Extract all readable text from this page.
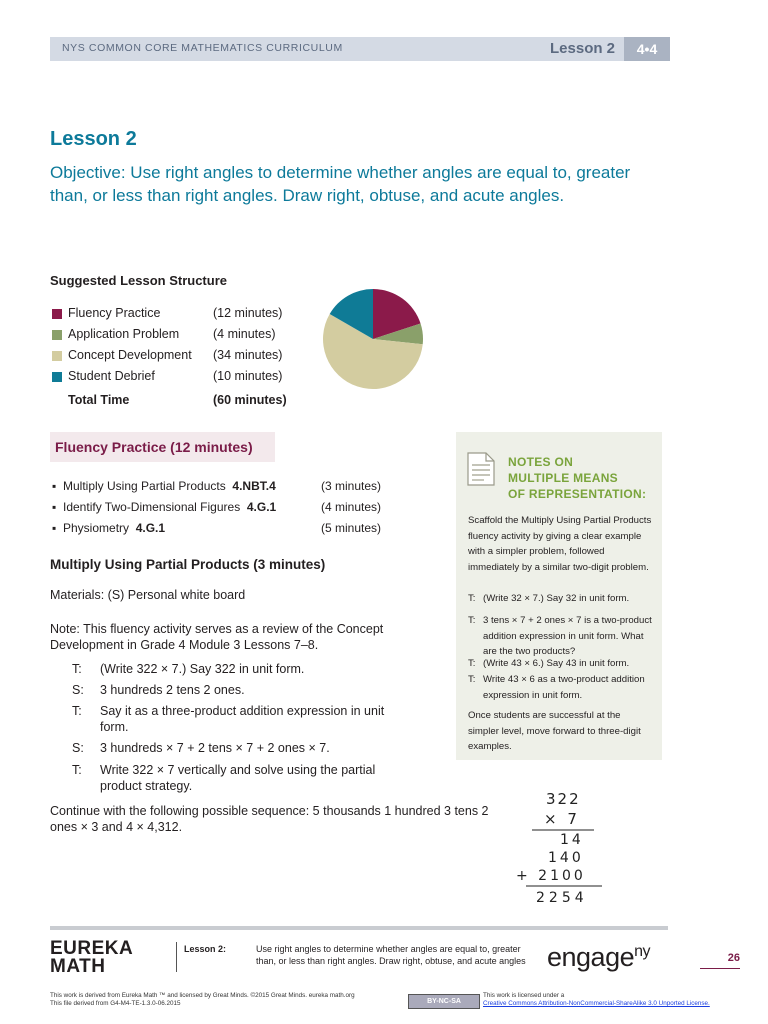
NYS COMMON CORE MATHEMATICS CURRICULUM	Lesson 2	4•4
Lesson 2
Objective: Use right angles to determine whether angles are equal to, greater than, or less than right angles. Draw right, obtuse, and acute angles.
Suggested Lesson Structure
Fluency Practice	(12 minutes)
Application Problem	(4 minutes)
Concept Development (34 minutes)
Student Debrief	(10 minutes)
Total Time	(60 minutes)
Fluency Practice (12 minutes)
▪ Multiply Using Partial Products 4.NBT.4	(3 minutes)
▪ Identify Two-Dimensional Figures 4.G.1	(4 minutes)
▪ Physiometry 4.G.1	(5 minutes)
Multiply Using Partial Products (3 minutes)
Materials: (S) Personal white board
Note: This fluency activity serves as a review of the Concept Development in Grade 4 Module 3 Lessons 7–8.
T: (Write 322 × 7.) Say 322 in unit form.
S: 3 hundreds 2 tens 2 ones.
T: Say it as a three-product addition expression in unit form.
S: 3 hundreds × 7 + 2 tens × 7 + 2 ones × 7.
T: Write 322 × 7 vertically and solve using the partial product strategy.
Continue with the following possible sequence: 5 thousands 1 hundred 3 tens 2 ones × 3 and 4 × 4,312.
NOTES ON
MULTIPLE MEANS
OF REPRESENTATION:
Scaffold the Multiply Using Partial Products fluency activity by giving a clear example with a simpler problem, followed immediately by a similar two-digit problem.
T: (Write 32 × 7.) Say 32 in unit form.
T: 3 tens × 7 + 2 ones × 7 is a two-product addition expression in unit form. What are the two products?
T: (Write 43 × 6.) Say 43 in unit form.
T: Write 43 × 6 as a two-product addition expression in unit form.
Once students are successful at the simpler level, move forward to three-digit examples.
322
× 7
14
140
+ 2100
2254
EUREKA
MATH
Lesson 2:	Use right angles to determine whether angles are equal to, greater than, or less than right angles. Draw right, obtuse, and acute angles engage$^{ny}$	26
This work is derived from Eureka Math ™ and licensed by Great Minds. ©2015 Great Minds. eureka math.org
This file derived from G4-M4-TE-1.3.0-06.2015	BY-NC-SA
This work is licensed under a
Creative Commons Attribution-NonCommercial-ShareAlike 3.0 Unported License.
